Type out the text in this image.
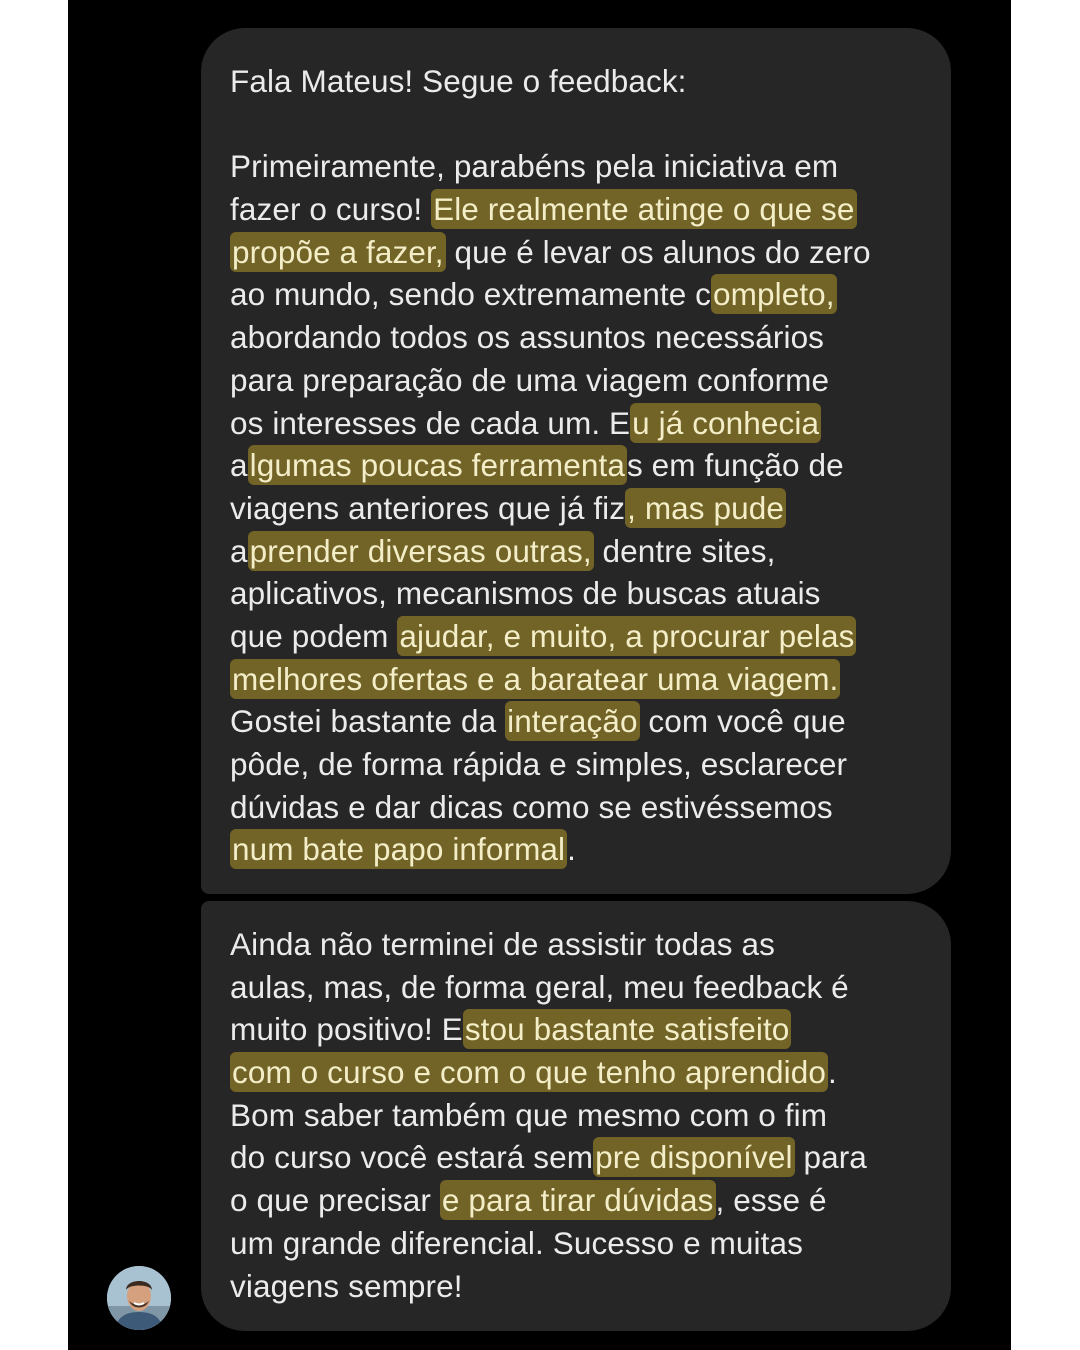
Fala Mateus! Segue o feedback:
Primeiramente, parabéns pela iniciativa em
fazer o curso! Ele realmente atinge o que se
propõe a fazer, que é levar os alunos do zero
ao mundo, sendo extremamente completo,
abordando todos os assuntos necessários
para preparação de uma viagem conforme
os interesses de cada um. Eu já conhecia
algumas poucas ferramentas em função de
viagens anteriores que já fiz, mas pude
aprender diversas outras, dentre sites,
aplicativos, mecanismos de buscas atuais
que podem ajudar, e muito, a procurar pelas
melhores ofertas e a baratear uma viagem.
Gostei bastante da interação com você que
pôde, de forma rápida e simples, esclarecer
dúvidas e dar dicas como se estivéssemos
num bate papo informal.
Ainda não terminei de assistir todas as
aulas, mas, de forma geral, meu feedback é
muito positivo! Estou bastante satisfeito
com o curso e com o que tenho aprendido.
Bom saber também que mesmo com o fim
do curso você estará sempre disponível para
o que precisar e para tirar dúvidas, esse é
um grande diferencial. Sucesso e muitas
viagens sempre!
